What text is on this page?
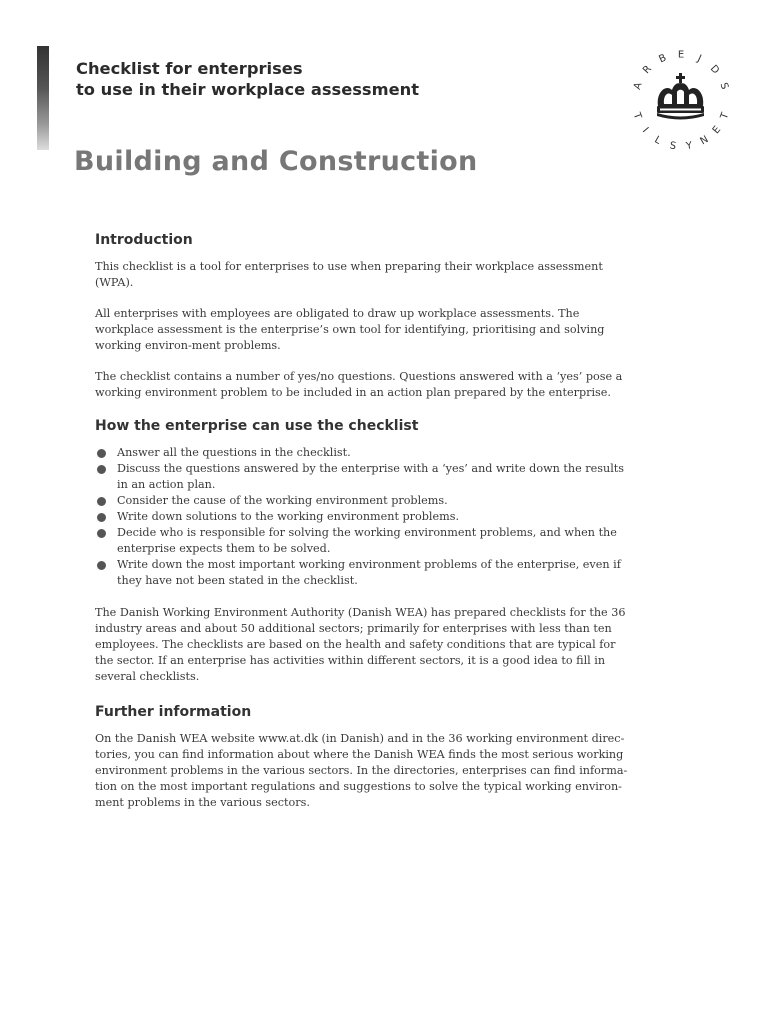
Checklist for enterprises
to use in their workplace assessment	A
R
B E J
D
S
T
I
L S Y N
E
T
Building and Construction
Introduction

This checklist is a tool for enterprises to use when preparing their workplace assessment (WPA).

All enterprises with employees are obligated to draw up workplace assessments. The workplace assessment is the enterprise’s own tool for identifying, prioritising and solving working environ-ment problems.

The checklist contains a number of yes/no questions. Questions answered with a ‘yes’ pose a working environment problem to be included in an action plan prepared by the enterprise.

How the enterprise can use the checklist
Answer all the questions in the checklist.
Discuss the questions answered by the enterprise with a ‘yes’ and write down the results in an action plan.
Consider the cause of the working environment problems.
Write down solutions to the working environment problems.
Decide who is responsible for solving the working environment problems, and when the enterprise expects them to be solved.
Write down the most important working environment problems of the enterprise, even if they have not been stated in the checklist.

The Danish Working Environment Authority (Danish WEA) has prepared checklists for the 36 industry areas and about 50 additional sectors; primarily for enterprises with less than ten employees. The checklists are based on the health and safety conditions that are typical for the sector. If an enterprise has activities within different sectors, it is a good idea to fill in several checklists.

Further information

On the Danish WEA website www.at.dk (in Danish) and in the 36 working environment direc-tories, you can find information about where the Danish WEA finds the most serious working environment problems in the various sectors. In the directories, enterprises can find informa-tion on the most important regulations and suggestions to solve the typical working environ-ment problems in the various sectors.
